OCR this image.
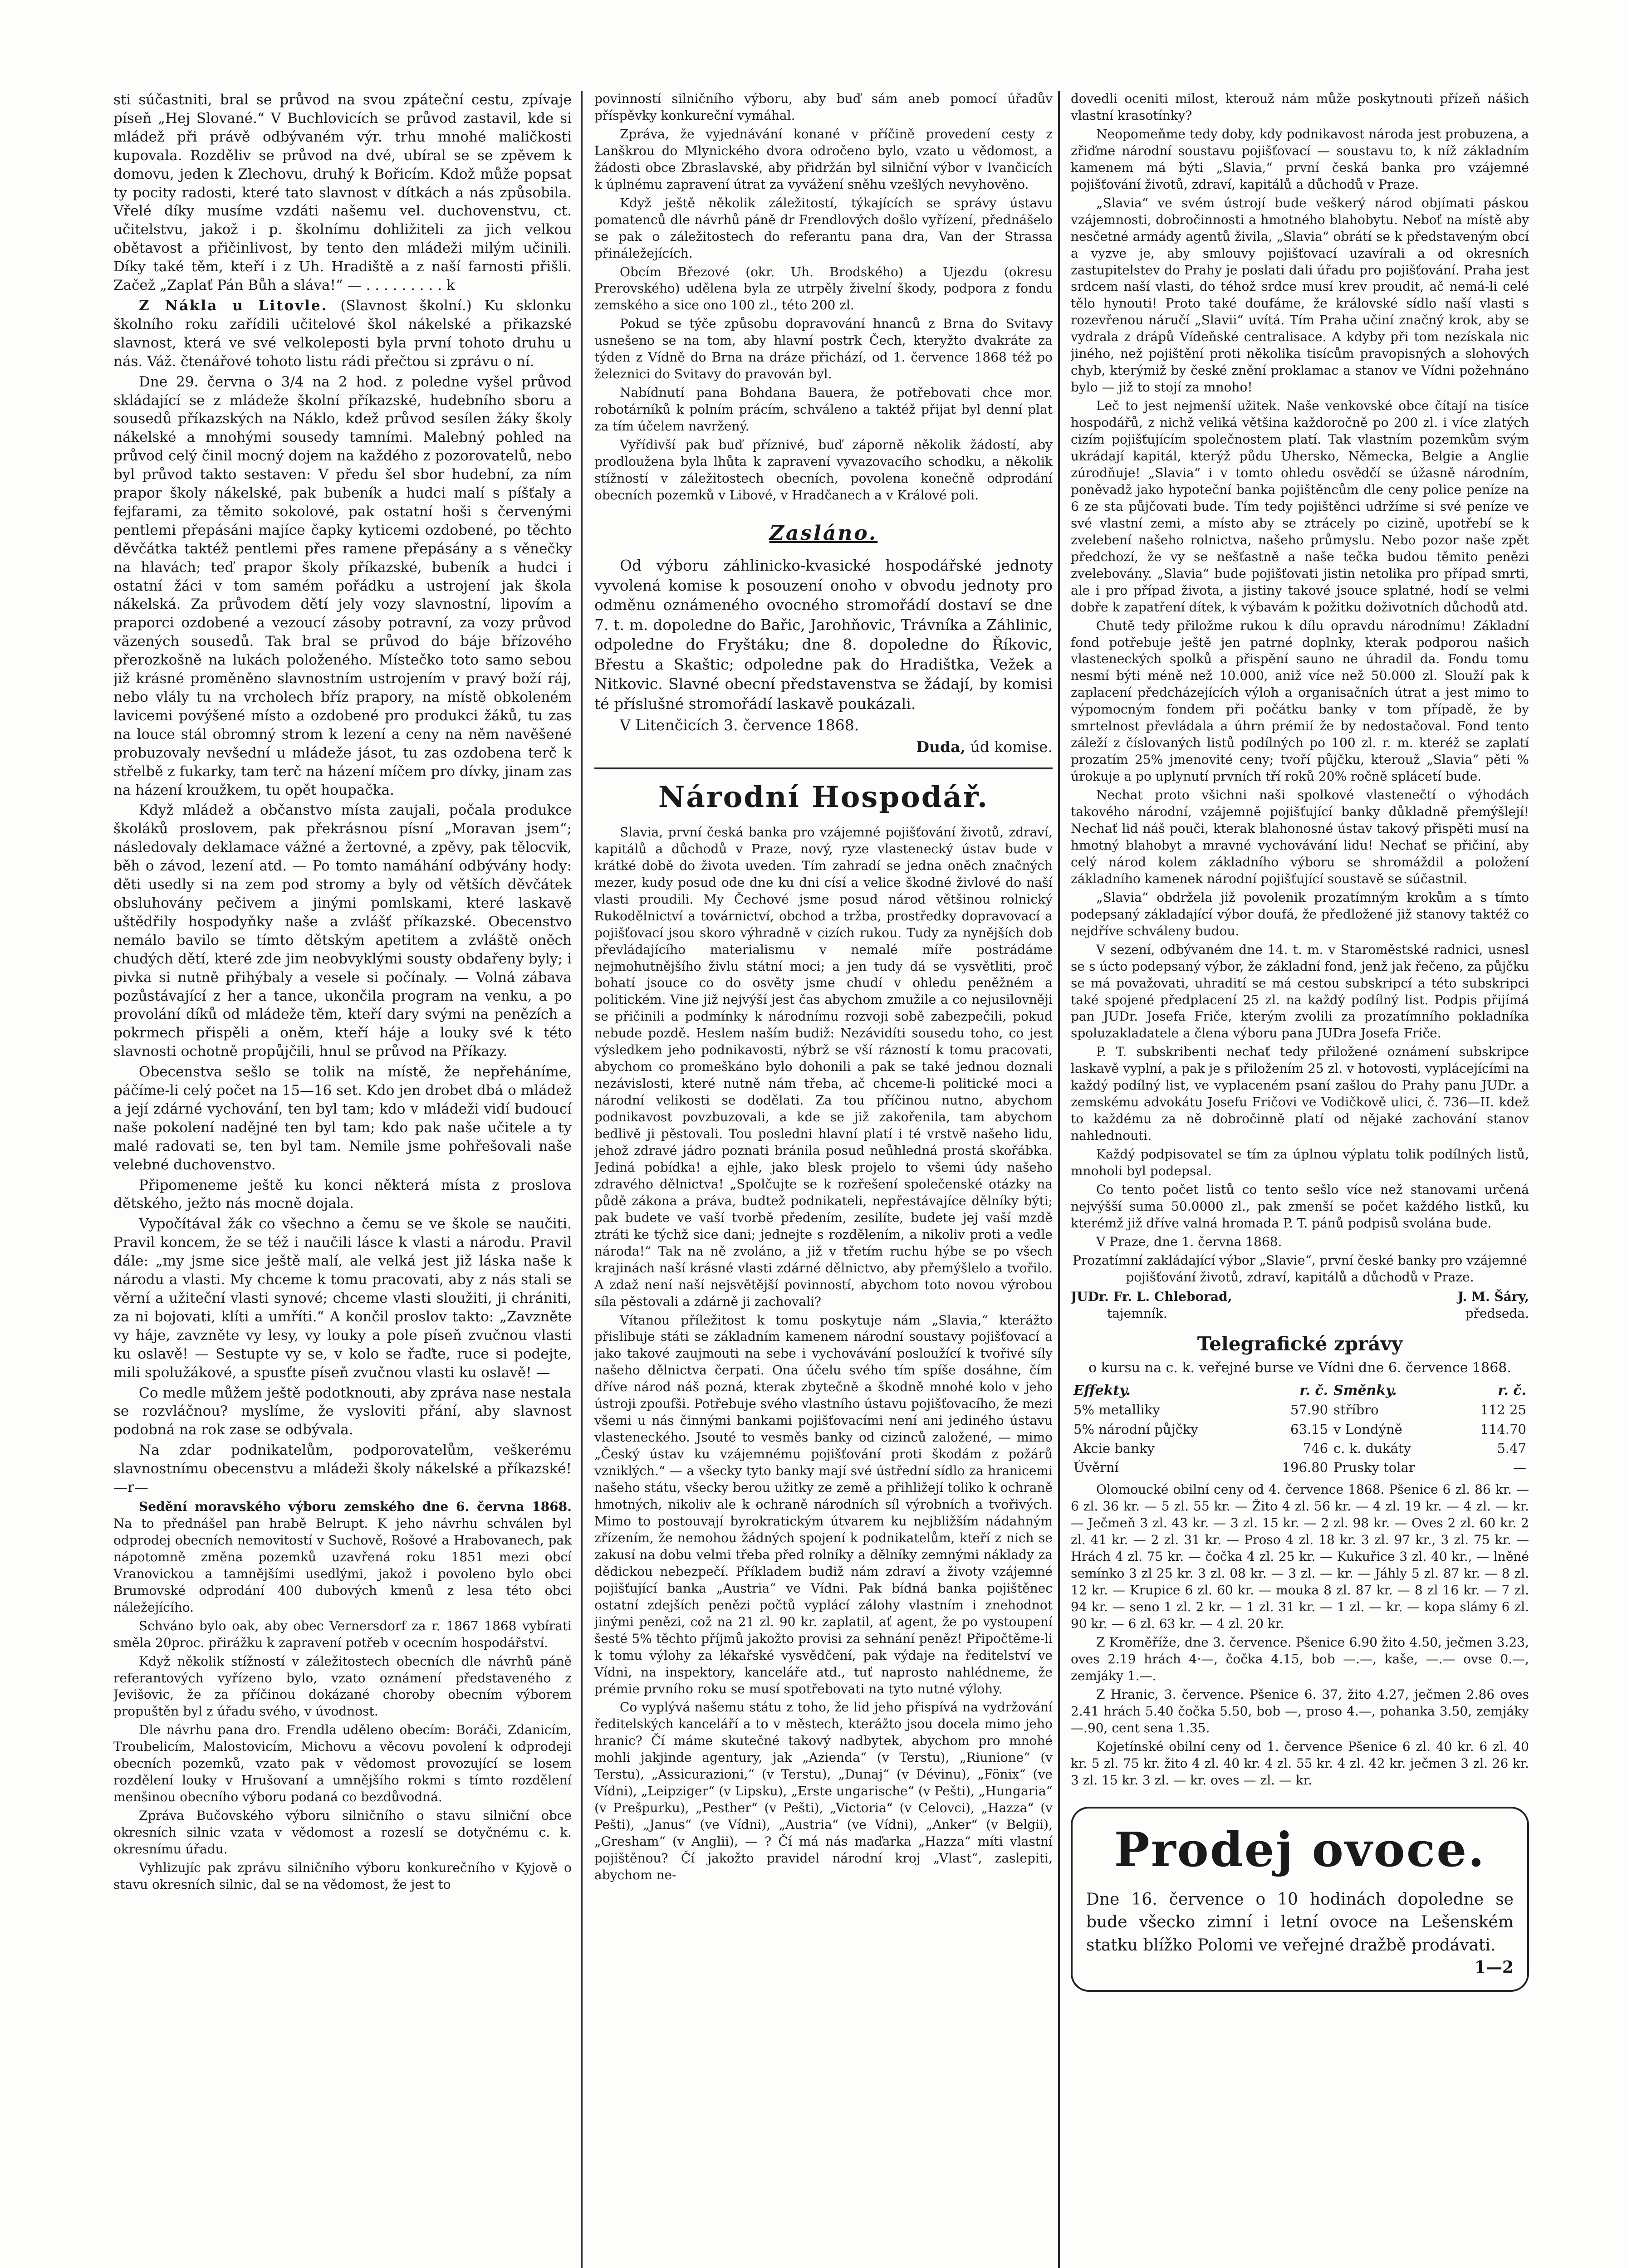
sti súčastniti, bral se průvod na svou zpáteční cestu, zpívaje píseň „Hej Slované.“ V Buchlovicích se průvod zastavil, kde si mládež při právě odbývaném výr. trhu mnohé maličkosti kupovala. Rozděliv se průvod na dvé, ubíral se se zpěvem k domovu, jeden k Zlechovu, druhý k Bořicím. Kdož může popsat ty pocity radosti, které tato slavnost v dítkách a nás způsobila. Vřelé díky musíme vzdáti našemu vel. duchovenstvu, ct. učitelstvu, jakož i p. školnímu dohližiteli za jich velkou obětavost a přičinlivost, by tento den mládeži milým učinili. Díky také těm, kteří i z Uh. Hradiště a z naší farnosti přišli. Začež „Zaplať Pán Bůh a sláva!“ — . . . . . . . . . k

Z Nákla u Litovle. (Slavnost školní.) Ku sklonku školního roku zařídili učitelové škol nákelské a přikazské slavnost, která ve své velkoleposti byla první tohoto druhu u nás. Váž. čtenářové tohoto listu rádi přečtou si zprávu o ní.

Dne 29. června o 3/4 na 2 hod. z poledne vyšel průvod skládající se z mládeže školní příkazské, hudebního sboru a sousedů příkazských na Náklo, kdež průvod sesílen žáky školy nákelské a mnohými sousedy tamními. Malebný pohled na průvod celý činil mocný dojem na každého z pozorovatelů, nebo byl průvod takto sestaven: V předu šel sbor hudební, za ním prapor školy nákelské, pak bubeník a hudci malí s píšťaly a fejfarami, za těmito sokolové, pak ostatní hoši s červenými pentlemi přepásáni majíce čapky kyticemi ozdobené, po těchto děvčátka taktéž pentlemi přes ramene přepásány a s věnečky na hlavách; teď prapor školy příkazské, bubeník a hudci i ostatní žáci v tom samém pořádku a ustrojení jak škola nákelská. Za průvodem dětí jely vozy slavnostní, lipovím a praporci ozdobené a vezoucí zásoby potravní, za vozy průvod väzených sousedů. Tak bral se průvod do báje břízového přerozkošně na lukách položeného. Místečko toto samo sebou již krásné proměněno slavnostním ustrojením v pravý boží ráj, nebo vlály tu na vrcholech bříz prapory, na místě obkoleném lavicemi povýšené místo a ozdobené pro produkci žáků, tu zas na louce stál obromný strom k lezení a ceny na něm navěšené probuzovaly nevšední u mládeže jásot, tu zas ozdobena terč k střelbě z fukarky, tam terč na házení míčem pro dívky, jinam zas na házení kroužkem, tu opět houpačka.

Když mládež a občanstvo místa zaujali, počala produkce školáků proslovem, pak překrásnou písní „Moravan jsem“; následovaly deklamace vážné a žertovné, a zpěvy, pak tělocvik, běh o závod, lezení atd. — Po tomto namáhání odbývány hody: děti usedly si na zem pod stromy a byly od větších děvčátek obsluhovány pečivem a jinými pomlskami, které laskavě uštědřily hospodyňky naše a zvlášť příkazské. Obecenstvo nemálo bavilo se tímto dětským apetitem a zvláště oněch chudých dětí, které zde jim neobvyklými sousty obdařeny byly; i pivka si nutně přihýbaly a vesele si počínaly. — Volná zábava pozůstávající z her a tance, ukončila program na venku, a po provolání díků od mládeže těm, kteří dary svými na penězích a pokrmech přispěli a oněm, kteří háje a louky své k této slavnosti ochotně propůjčili, hnul se průvod na Příkazy.

Obecenstva sešlo se tolik na místě, že nepřeháníme, páčíme-li celý počet na 15—16 set. Kdo jen drobet dbá o mládež a její zdárné vychování, ten byl tam; kdo v mládeži vidí budoucí naše pokolení nadějné ten byl tam; kdo pak naše učitele a ty malé radovati se, ten byl tam. Nemile jsme pohřešovali naše velebné duchovenstvo.

Připomeneme ještě ku konci některá místa z proslova dětského, ježto nás mocně dojala.

Vypočítával žák co všechno a čemu se ve škole se naučiti. Pravil koncem, že se též i naučili lásce k vlasti a národu. Pravil dále: „my jsme sice ještě malí, ale velká jest již láska naše k národu a vlasti. My chceme k tomu pracovati, aby z nás stali se věrní a užiteční vlasti synové; chceme vlasti sloužiti, ji chrániti, za ni bojovati, klíti a umříti.“ A končil proslov takto: „Zavzněte vy háje, zavzněte vy lesy, vy louky a pole píseň zvučnou vlasti ku oslavě! — Sestupte vy se, v kolo se řaďte, ruce si podejte, mili spolužákové, a spusťte píseň zvučnou vlasti ku oslavě! —

Co medle můžem ještě podotknouti, aby zpráva nase nestala se rozvláčnou? myslíme, že vysloviti přání, aby slavnost podobná na rok zase se odbývala.

Na zdar podnikatelům, podporovatelům, veškerému slavnostnímu obecenstvu a mládeži školy nákelské a příkazské! —r—

Sedění moravského výboru zemského dne 6. června 1868. Na to přednášel pan hrabě Belrupt. K jeho návrhu schválen byl odprodej obecních nemovitostí v Suchově, Rošové a Hrabovanech, pak nápotomně změna pozemků uzavřená roku 1851 mezi obcí Vranovickou a tamnějšími usedlými, jakož i povoleno bylo obci Brumovské odprodání 400 dubových kmenů z lesa této obci náležejícího.

Schváno bylo oak, aby obec Vernersdorf za r. 1867 1868 vybírati směla 20proc. přirážku k zapravení potřeb v ocecním hospodářství.

Když několik stížností v záležitostech obecních dle návrhů páně referantových vyřízeno bylo, vzato oznámení představeného z Jevišovic, že za příčinou dokázané choroby obecním výborem propuštěn byl z úřadu svého, v úvodnost.

Dle návrhu pana dro. Frendla uděleno obecím: Boráči, Zdanicím, Troubelicím, Malostovicím, Michovu a věcovu povolení k odprodeji obecních pozemků, vzato pak v vědomost provozující se losem rozdělení louky v Hrušovaní a umnějšího rokmi s tímto rozdělení menšinou obecního výboru podaná co bezdůvodná.

Zpráva Bučovského výboru silničního o stavu silniční obce okresních silnic vzata v vědomost a rozeslí se dotyčnému c. k. okresnímu úřadu.

Vyhlizujíc pak zprávu silničního výboru konkurečního v Kyjově o stavu okresních silnic, dal se na vědomost, že jest to

povinností silničního výboru, aby buď sám aneb pomocí úřadův příspěvky konkureční vymáhal.

Zpráva, že vyjednávání konané v příčině provedení cesty z Lanškrou do Mlynického dvora odročeno bylo, vzato u vědomost, a žádosti obce Zbraslavské, aby přidržán byl silniční výbor v Ivančicích k úplnému zapravení útrat za vyvážení sněhu vzešlých nevyhověno.

Když ještě několik záležitostí, týkajících se správy ústavu pomatenců dle návrhů páně dr Frendlových došlo vyřízení, přednášelo se pak o záležitostech do referantu pana dra, Van der Strassa přináležejících.

Obcím Březové (okr. Uh. Brodského) a Ujezdu (okresu Prerovského) udělena byla ze utrpěly živelní škody, podpora z fondu zemského a sice ono 100 zl., této 200 zl.

Pokud se týče způsobu dopravování hnanců z Brna do Svitavy usnešeno se na tom, aby hlavní postrk Čech, kteryžto dvakráte za týden z Vídně do Brna na dráze přichází, od 1. července 1868 též po železnici do Svitavy do pravován byl.

Nabídnutí pana Bohdana Bauera, že potřebovati chce mor. robotárníků k polním prácím, schváleno a taktéž přijat byl denní plat za tím účelem navržený.

Vyřídivší pak buď příznivé, buď záporně několik žádostí, aby prodloužena byla lhůta k zapravení vyvazovacího schodku, a několik stížností v záležitostech obecních, povolena konečně odprodání obecních pozemků v Libové, v Hradčanech a v Králové poli.

Zasláno.

Od výboru záhlinicko-kvasické hospodářské jednoty vyvolená komise k posouzení onoho v obvodu jednoty pro odměnu oznámeného ovocného stromořádí dostaví se dne 7. t. m. dopoledne do Bařic, Jarohňovic, Trávníka a Záhlinic, odpoledne do Fryštáku; dne 8. dopoledne do Říkovic, Břestu a Skaštic; odpoledne pak do Hradištka, Vežek a Nitkovic. Slavné obecní představenstva se žádají, by komisi té příslušné stromořádí laskavě poukázali.

V Litenčicích 3. července 1868.

Duda, úd komise.
Národní Hospodář.

Slavia, první česká banka pro vzájemné pojišťování životů, zdraví, kapitálů a důchodů v Praze, nový, ryze vlastenecký ústav bude v krátké době do života uveden. Tím zahradí se jedna oněch značných mezer, kudy posud ode dne ku dni císí a velice škodné živlové do naší vlasti proudili. My Čechové jsme posud národ většinou rolnický Rukodělnictví a továrnictví, obchod a tržba, prostředky dopravovací a pojišťovací jsou skoro výhradně v cizích rukou. Tudy za nynějších dob převládajícího materialismu v nemalé míře postrádáme nejmohutnějšího živlu státní moci; a jen tudy dá se vysvětliti, proč bohatí jsouce co do osvěty jsme chudí v ohledu peněžném a politickém. Vine již nejvýší jest čas abychom zmužile a co nejusilovněji se přičinili a podmínky k národnímu rozvoji sobě zabezpečili, pokud nebude pozdě. Heslem naším budiž: Nezávidíti sousedu toho, co jest výsledkem jeho podnikavosti, nýbrž se vší rázností k tomu pracovati, abychom co promeškáno bylo dohonili a pak se také jednou doznali nezávislosti, které nutně nám třeba, ač chceme-li politické moci a národní velikosti se dodělati. Za tou příčinou nutno, abychom podnikavost povzbuzovali, a kde se již zakořenila, tam abychom bedlivě ji pěstovali. Tou posledni hlavní platí i té vrstvě našeho lidu, jehož zdravé jádro poznati bránila posud neůhledná prostá skořábka. Jediná pobídka! a ejhle, jako blesk projelo to všemi údy našeho zdravého dělnictva! „Spolčujte se k rozřešení společenské otázky na půdě zákona a práva, budtež podnikateli, nepřestávajíce dělníky býti; pak budete ve vaší tvorbě předením, zesilíte, budete jej vaší mzdě ztráti ke týchž sice dani; jednejte s rozdělením, a nikoliv proti a vedle národa!“ Tak na ně zvoláno, a již v třetím ruchu hýbe se po všech krajinách naší krásné vlasti zdárné dělnictvo, aby přemýšlelo a tvořilo. A zdaž není naší nejsvětější povinností, abychom toto novou výrobou síla pěstovali a zdárně ji zachovali?

Vítanou příležitost k tomu poskytuje nám „Slavia,“ kterážto přislibuje státi se základním kamenem národní soustavy pojišťovací a jako takové zaujmouti na sebe i vychovávání posloužící k tvořivé síly našeho dělnictva čerpati. Ona účelu svého tím spíše dosáhne, čím dříve národ náš pozná, kterak zbytečně a škodně mnohé kolo v jeho ústroji zpoufši. Potřebuje svého vlastního ústavu pojišťovacího, že mezi všemi u nás činnými bankami pojišťovacími není ani jediného ústavu vlasteneckého. Jsouté to vesměs banky od cizinců založené, — mimo „Český ústav ku vzájemnému pojišťování proti škodám z požárů vzniklých.“ — a všecky tyto banky mají své ústřední sídlo za hranicemi našeho státu, všecky berou užitky ze země a přihližejí tolikо k ochraně hmotných, nikoliv ale k ochraně národních síl výrobních a tvořivých. Mimo to postouvají byrokratickým útvarem ku nejbližším nádahným zřízením, že nemohou žádných spojení k podnikatelům, kteří z nich se zakusí na dobu velmi třeba před rolníky a dělníky zemnými náklady za dědickou nebezpečí. Příkladem budiž nám zdraví a životy vzájemné pojišťující banka „Austria“ ve Vídni. Pak bídná banka pojištěnec ostatní zdejších penězi počtů vyplácí zálohy vlastním i znehodnot jinými penězi, což na 21 zl. 90 kr. zaplatil, ať agent, že po vystoupení šesté 5% těchto příjmů jakožto provisi za sehnání peněz! Připočtěme-li k tomu výlohy za lékařské vysvědčení, pak výdaje na ředitelství ve Vídni, na inspektory, kanceláře atd., tuť naprosto nahlédneme, že prémie prvního roku se musí spotřebovati na tyto nutné výlohy.

Co vyplývá našemu státu z toho, že lid jeho přispívá na vydržování ředitelských kanceláří a to v městech, kterážto jsou docela mimo jeho hranic? Čí máme skutečné takový nadbytek, abychom pro mnohé mohli jakjinde agentury, jak „Azienda“ (v Terstu), „Riunione“ (v Terstu), „Assicurazioni,“ (v Terstu), „Dunaj“ (v Dévinu), „Fönix“ (ve Vídni), „Leipziger“ (v Lipsku), „Erste ungarische“ (v Pešti), „Hungaria“ (v Prešpurku), „Pesther“ (v Pešti), „Victoria“ (v Celovci), „Hazza“ (v Pešti), „Janus“ (ve Vídni), „Austria“ (ve Vídni), „Anker“ (v Belgii), „Gresham“ (v Anglii), — ? Čí má nás maďarka „Hazza“ míti vlastní pojištěnou? Čí jakožto pravidel národní kroj „Vlast“, zaslepiti, abychom ne-

dovedli oceniti milost, kterouž nám může poskytnouti přízeň nášich vlastní krasotínky?

Neopomeňme tedy doby, kdy podnikavost národa jest probuzena, a zřiďme národní soustavu pojišťovací — soustavu to, k níž základním kamenem má býti „Slavia,“ první česká banka pro vzájemné pojišťování životů, zdraví, kapitálů a důchodů v Praze.

„Slavia“ ve svém ústrojí bude veškerý národ objímati páskou vzájemnosti, dobročinnosti a hmotného blahobytu. Neboť na místě aby nesčetné armády agentů živila, „Slavia“ obrátí se k představeným obcí a vyzve je, aby smlouvy pojišťovací uzavírali a od okresních zastupitelstev do Prahy je poslati dali úřadu pro pojišťování. Praha jest srdcem naší vlasti, do téhož srdce musí krev proudit, ač nemá-li celé tělo hynouti! Proto také doufáme, že královské sídlo naší vlasti s rozevřenou náručí „Slavii“ uvítá. Tím Praha učiní značný krok, aby se vydrala z drápů Vídeňské centralisace. A kdyby při tom nezískala nic jiného, než pojištění proti několika tisícům pravopisných a slohových chyb, kterýmiž by české znění proklamac a stanov ve Vídni požehnáno bylo — již to stojí za mnoho!

Leč to jest nejmenší užitek. Naše venkovské obce čítají na tisíce hospodářů, z nichž veliká většina každoročně po 200 zl. i více zlatých cizím pojišťujícím společnostem platí. Tak vlastním pozemkům svým ukrádají kapitál, kterýž půdu Uhersko, Německa, Belgie a Anglie zúrodňuje! „Slavia“ i v tomto ohledu osvědčí se úžasně národním, poněvadž jako hypoteční banka pojištěncům dle ceny police peníze na 6 ze sta půjčovati bude. Tím tedy pojištěnci udržíme si své peníze ve své vlastní zemi, a místo aby se ztrácely po cizině, upotřebí se k zvelebení našeho rolnictva, našeho průmyslu. Nebo pozor naše zpět předchozí, že vy se nešťastně a naše tečka budou těmito penězi zvelebovány. „Slavia“ bude pojišťovati jistin netolika pro případ smrti, ale i pro případ života, a jistiny takové jsouce splatné, hodí se velmi dobře k zapatření dítek, k výbavám k požitku doživotních důchodů atd.

Chutě tedy přiložme rukou k dílu opravdu národnímu! Základní fond potřebuje ještě jen patrné doplnky, kterak podporou našich vlasteneckých spolků a přispění sauno ne úhradil da. Fondu tomu nesmí býti méně než 10.000, aniž více než 50.000 zl. Slouží pak k zaplacení předcházejících výloh a organisačních útrat a jest mimo to výpomocným fondem při počátku banky v tom případě, že by smrtelnost převládala a úhrn prémií že by nedostačoval. Fond tento záleží z číslovaných listů podílných po 100 zl. r. m. kteréž se zaplatí prozatím 25% jmenovité ceny; tvoří půjčku, kterouž „Slavia“ pěti % úrokuje a po uplynutí prvních tří roků 20% ročně splácetí bude.

Nechat proto všichni naši spolkové vlastenečtí o výhodách takového národní, vzájemně pojišťující banky důkladně přemýšlejí! Nechať lid náš pouči, kterak blahonosné ústav takový přispěti musí na hmotný blahobyt a mravné vychovávání lidu! Nechať se přičiní, aby celý národ kolem základního výboru se shromáždil a položení základního kamenek národní pojišťující soustavě se súčastnil.

„Slavia“ obdržela již povolenik prozatímným krokům a s tímto podepsaný základající výbor doufá, že předložené již stanovy taktéž co nejdříve schváleny budou.

V sezení, odbývaném dne 14. t. m. v Staroměstské radnici, usnesl se s úcto podepsaný výbor, že základní fond, jenž jak řečeno, za půjčku se má považovati, uhradití se má cestou subskripcí a této subskripci také spojené předplacení 25 zl. na každý podílný list. Podpis přijímá pan JUDr. Josefa Friče, kterým zvolili za prozatímního pokladníka spoluzakladatele a člena výboru pana JUDra Josefa Friče.

P. T. subskribenti nechať tedy přiložené oznámení subskripce laskavě vyplní, a pak je s přiložením 25 zl. v hotovosti, vyplácejícími na každý podílný list, ve vyplaceném psaní zašlou do Prahy panu JUDr. a zemskému advokátu Josefu Fričovi ve Vodičkově ulici, č. 736—II. kdež to každému za ně dobročinně platí od nějaké zachování stanov nahlednouti.

Každý podpisovatel se tím za úplnou výplatu tolik podílných listů, mnoholi byl podepsal.

Co tento počet listů co tento sešlo více než stanovami určená nejvýšší suma 50.0000 zl., pak zmenší se počet každého listků, ku kterémž již dříve valná hromada P. T. pánů podpisů svolána bude.

V Praze, dne 1. června 1868.

Prozatímní zakládající výbor „Slavie“, první české banky pro vzájemné pojišťování životů, zdraví, kapitálů a důchodů v Praze.

JUDr. Fr. L. Chleborad,
tajemník.
J. M. Šáry,
předseda.
Telegrafické zprávy

o kursu na c. k. veřejné burse ve Vídni dne 6. července 1868.

Effekty.	r. č.	Směnky.	r. č.
5% metalliky	57.90	stříbro	112 25
5% národní půjčky	63.15	v Londýně	114.70
Akcie banky	746	c. k. dukáty	5.47
Úvěrní	196.80	Prusky tolar	—

Olomoucké obilní ceny od 4. července 1868. Pšenice 6 zl. 86 kr. — 6 zl. 36 kr. — 5 zl. 55 kr. — Žito 4 zl. 56 kr. — 4 zl. 19 kr. — 4 zl. — kr. — Ječmeň 3 zl. 43 kr. — 3 zl. 15 kr. — 2 zl. 98 kr. — Oves 2 zl. 60 kr. 2 zl. 41 kr. — 2 zl. 31 kr. — Proso 4 zl. 18 kr. 3 zl. 97 kr., 3 zl. 75 kr. — Hrách 4 zl. 75 kr. — čočka 4 zl. 25 kr. — Kukuřice 3 zl. 40 kr., — lněné semínko 3 zl 25 kr. 3 zl. 08 kr. — 3 zl. — kr. — Jáhly 5 zl. 87 kr. — 8 zl. 12 kr. — Krupice 6 zl. 60 kr. — mouka 8 zl. 87 kr. — 8 zl 16 kr. — 7 zl. 94 kr. — seno 1 zl. 2 kr. — 1 zl. 31 kr. — 1 zl. — kr. — kopa slámy 6 zl. 90 kr. — 6 zl. 63 kr. — 4 zl. 20 kr.

Z Kroměříže, dne 3. července. Pšenice 6.90 žito 4.50, ječmen 3.23, oves 2.19 hrách 4·—, čočka 4.15, bob —.—, kaše, —.— ovse 0.—, zemjáky 1.—.

Z Hranic, 3. července. Pšenice 6. 37, žito 4.27, ječmen 2.86 oves 2.41 hrách 5.40 čočka 5.50, bob —, proso 4.—, pohanka 3.50, zemjáky —.90, cent sena 1.35.

Kojetínské obilní ceny od 1. července Pšenice 6 zl. 40 kr. 6 zl. 40 kr. 5 zl. 75 kr. žito 4 zl. 40 kr. 4 zl. 55 kr. 4 zl. 42 kr. ječmen 3 zl. 26 kr. 3 zl. 15 kr. 3 zl. — kr. oves — zl. — kr.

Prodej ovoce.
Dne 16. července o 10 hodinách dopoledne se bude všecko zimní i letní ovoce na Lešenském statku blížko Polomi ve veřejné dražbě prodávati.
1—2
